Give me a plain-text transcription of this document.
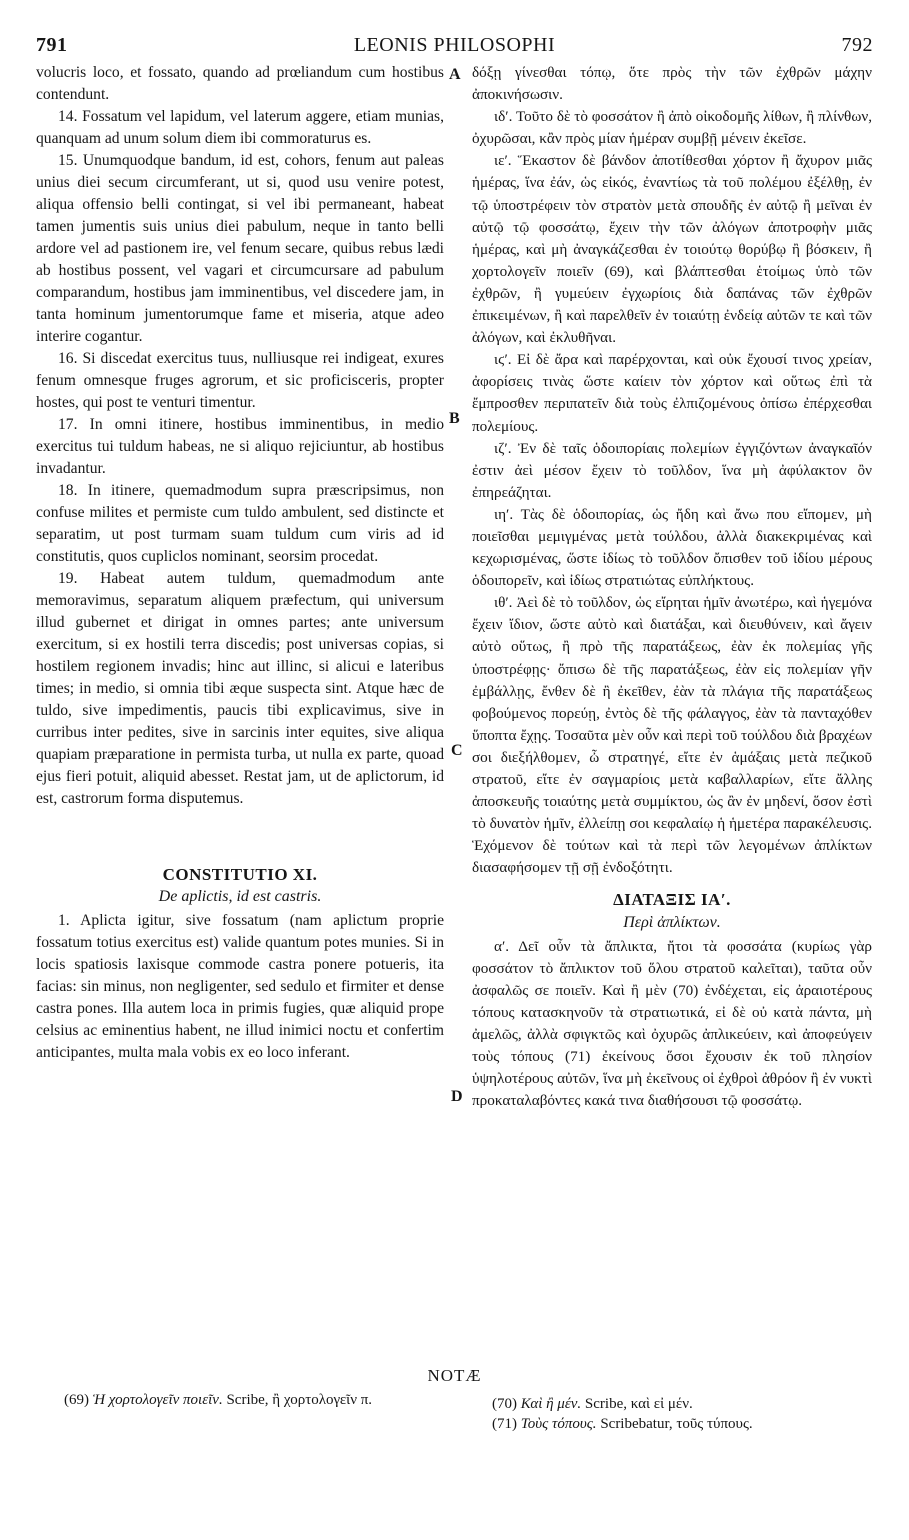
791	LEONIS PHILOSOPHI	792

volucris loco, et fossato, quando ad prœliandum cum hostibus contendunt.

14. Fossatum vel lapidum, vel laterum aggere, etiam munias, quanquam ad unum solum diem ibi commoraturus es.

15. Unumquodque bandum, id est, cohors, fenum aut paleas unius diei secum circumferant, ut si, quod usu venire potest, aliqua offensio belli contingat, si vel ibi permaneant, habeat tamen jumentis suis unius diei pabulum, neque in tanto belli ardore vel ad pastionem ire, vel fenum secare, quibus rebus lædi ab hostibus possent, vel vagari et circumcursare ad pabulum comparandum, hostibus jam imminentibus, vel discedere jam, in tanta hominum jumentorumque fame et miseria, atque adeo interire cogantur.

16. Si discedat exercitus tuus, nulliusque rei indigeat, exures fenum omnesque fruges agrorum, et sic proficisceris, propter hostes, qui post te venturi timentur.

17. In omni itinere, hostibus imminentibus, in medio exercitus tui tuldum habeas, ne si aliquo rejiciuntur, ab hostibus invadantur.

18. In itinere, quemadmodum supra præscripsimus, non confuse milites et permiste cum tuldo ambulent, sed distincte et separatim, ut post turmam suam tuldum cum viris ad id constitutis, quos cupliclos nominant, seorsim procedat.

19. Habeat autem tuldum, quemadmodum ante memoravimus, separatum aliquem præfectum, qui universum illud gubernet et dirigat in omnes partes; ante universum exercitum, si ex hostili terra discedis; post universas copias, si hostilem regionem invadis; hinc aut illinc, si alicui e lateribus times; in medio, si omnia tibi æque suspecta sint. Atque hæc de tuldo, sive impedimentis, paucis tibi explicavimus, sive in curribus inter pedites, sive in sarcinis inter equites, sive aliqua quapiam præparatione in permista turba, ut nulla ex parte, quoad ejus fieri potuit, aliquid abesset. Restat jam, ut de aplictorum, id est, castrorum forma disputemus.

CONSTITUTIO XI.
De aplictis, id est castris.

1. Aplicta igitur, sive fossatum (nam aplictum proprie fossatum totius exercitus est) valide quantum potes munies. Si in locis spatiosis laxisque commode castra ponere potueris, ita facias: sin minus, non negligenter, sed sedulo et firmiter et dense castra pones. Illa autem loca in primis fugies, quæ aliquid prope celsius ac eminentius habent, ne illud inimici noctu et confertim anticipantes, multa mala vobis ex eo loco inferant.

A
B
C
D

δόξῃ γίνεσθαι τόπῳ, ὅτε πρὸς τὴν τῶν ἐχθρῶν μάχην ἀποκινήσωσιν.

ιδʹ. Τοῦτο δὲ τὸ φοσσάτον ἢ ἀπὸ οἰκοδομῆς λίθων, ἢ πλίνθων, ὀχυρῶσαι, κἂν πρὸς μίαν ἡμέραν συμβῇ μένειν ἐκεῖσε.

ιεʹ. Ἕκαστον δὲ βάνδον ἀποτίθεσθαι χόρτον ἢ ἄχυρον μιᾶς ἡμέρας, ἵνα ἐάν, ὡς εἰκός, ἐναντίως τὰ τοῦ πολέμου ἐξέλθῃ, ἐν τῷ ὑποστρέφειν τὸν στρατὸν μετὰ σπουδῆς ἐν αὐτῷ ἢ μεῖναι ἐν αὐτῷ τῷ φοσσάτῳ, ἔχειν τὴν τῶν ἀλόγων ἀποτροφὴν μιᾶς ἡμέρας, καὶ μὴ ἀναγκάζεσθαι ἐν τοιούτῳ θορύβῳ ἢ βόσκειν, ἢ χορτολογεῖν ποιεῖν (69), καὶ βλάπτεσθαι ἑτοίμως ὑπὸ τῶν ἐχθρῶν, ἢ γυμεύειν ἐγχωρίοις διὰ δαπάνας τῶν ἐχθρῶν ἐπικειμένων, ἢ καὶ παρελθεῖν ἐν τοιαύτῃ ἐνδείᾳ αὐτῶν τε καὶ τῶν ἀλόγων, καὶ ἐκλυθῆναι.

ιϛʹ. Εἰ δὲ ἄρα καὶ παρέρχονται, καὶ οὐκ ἔχουσί τινος χρείαν, ἀφορίσεις τινὰς ὥστε καίειν τὸν χόρτον καὶ οὕτως ἐπὶ τὰ ἔμπροσθεν περιπατεῖν διὰ τοὺς ἐλπιζομένους ὀπίσω ἐπέρχεσθαι πολεμίους.

ιζʹ. Ἐν δὲ ταῖς ὁδοιπορίαις πολεμίων ἐγγιζόντων ἀναγκαῖόν ἐστιν ἀεὶ μέσον ἔχειν τὸ τοῦλδον, ἵνα μὴ ἀφύλακτον ὂν ἐπηρεάζηται.

ιηʹ. Τὰς δὲ ὁδοιπορίας, ὡς ἤδη καὶ ἄνω που εἴπομεν, μὴ ποιεῖσθαι μεμιγμένας μετὰ τούλδου, ἀλλὰ διακεκριμένας καὶ κεχωρισμένας, ὥστε ἰδίως τὸ τοῦλδον ὄπισθεν τοῦ ἰδίου μέρους ὁδοιπορεῖν, καὶ ἰδίως στρατιώτας εὐπλήκτους.

ιθʹ. Ἀεὶ δὲ τὸ τοῦλδον, ὡς εἴρηται ἡμῖν ἀνωτέρω, καὶ ἡγεμόνα ἔχειν ἴδιον, ὥστε αὐτὸ καὶ διατάξαι, καὶ διευθύνειν, καὶ ἄγειν αὐτὸ οὕτως, ἢ πρὸ τῆς παρατάξεως, ἐὰν ἐκ πολεμίας γῆς ὑποστρέφῃς· ὄπισω δὲ τῆς παρατάξεως, ἐὰν εἰς πολεμίαν γῆν ἐμβάλλῃς, ἔνθεν δὲ ἢ ἐκεῖθεν, ἐὰν τὰ πλάγια τῆς παρατάξεως φοβούμενος πορεύῃ, ἐντὸς δὲ τῆς φάλαγγος, ἐὰν τὰ πανταχόθεν ὕποπτα ἔχῃς. Τοσαῦτα μὲν οὖν καὶ περὶ τοῦ τούλδου διὰ βραχέων σοι διεξήλθομεν, ὦ στρατηγέ, εἴτε ἐν ἁμάξαις μετὰ πεζικοῦ στρατοῦ, εἴτε ἐν σαγμαρίοις μετὰ καβαλλαρίων, εἴτε ἄλλης ἀποσκευῆς τοιαύτης μετὰ συμμίκτου, ὡς ἂν ἐν μηδενί, ὅσον ἐστὶ τὸ δυνατὸν ἡμῖν, ἐλλείπῃ σοι κεφαλαίῳ ἡ ἡμετέρα παρακέλευσις. Ἑχόμενον δὲ τούτων καὶ τὰ περὶ τῶν λεγομένων ἀπλίκτων διασαφήσομεν τῇ σῇ ἐνδοξότητι.

ΔΙΑΤΑΞΙΣ ΙΑʹ.
Περὶ ἀπλίκτων.

αʹ. Δεῖ οὖν τὰ ἄπλικτα, ἤτοι τὰ φοσσάτα (κυρίως γὰρ φοσσάτον τὸ ἄπλικτον τοῦ ὅλου στρατοῦ καλεῖται), ταῦτα οὖν ἀσφαλῶς σε ποιεῖν. Καὶ ἢ μὲν (70) ἐνδέχεται, εἰς ἀραιοτέρους τόπους κατασκηνοῦν τὰ στρατιωτικά, εἰ δὲ οὐ κατὰ πάντα, μὴ ἀμελῶς, ἀλλὰ σφιγκτῶς καὶ ὀχυρῶς ἀπλικεύειν, καὶ ἀποφεύγειν τοὺς τόπους (71) ἐκείνους ὅσοι ἔχουσιν ἐκ τοῦ πλησίον ὑψηλοτέρους αὐτῶν, ἵνα μὴ ἐκεῖνους οἱ ἐχθροὶ ἀθρόον ἢ ἐν νυκτὶ προκαταλαβόντες κακά τινα διαθήσουσι τῷ φοσσάτῳ.

NOTÆ

(69) Ἡ χορτολογεῖν ποιεῖν. Scribe, ἢ χορτολογεῖν π.	(70) Καὶ ἢ μέν. Scribe, καὶ εἰ μέν.

(71) Τοὺς τόπους. Scribebatur, τοῦς τύπους.
